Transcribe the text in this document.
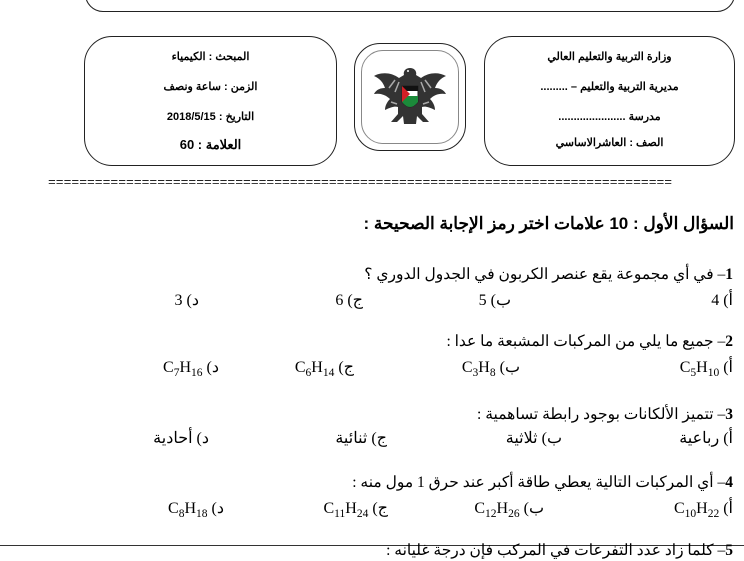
المبحث : الكيمياء
الزمن : ساعة ونصف
التاريخ : 2018/5/15
العلامة : 60
وزارة التربية والتعليم العالي
مديرية التربية والتعليم – .........
مدرسة ......................
الصف : العاشرالاساسي
================================================================================
السؤال الأول : 10 علامات اختر رمز الإجابة الصحيحة :
1– في أي مجموعة يقع عنصر الكربون في الجدول الدوري ؟
أ) 4
ب) 5
ج) 6
د) 3
2– جميع ما يلي من المركبات المشبعة ما عدا :
أ) $C_5H_{10}$
ب) $C_3H_8$
ج) $C_6H_{14}$
د) $C_7H_{16}$
3– تتميز الألكانات بوجود رابطة تساهمية :
أ) رباعية
ب) ثلاثية
ج) ثنائية
د) أحادية
4– أي المركبات التالية يعطي طاقة أكبر عند حرق 1 مول منه :
أ) $C_{10}H_{22}$
ب) $C_{12}H_{26}$
ج) $C_{11}H_{24}$
د) $C_8H_{18}$
5– كلما زاد عدد التفرعات في المركب فإن درجة غليانه :
